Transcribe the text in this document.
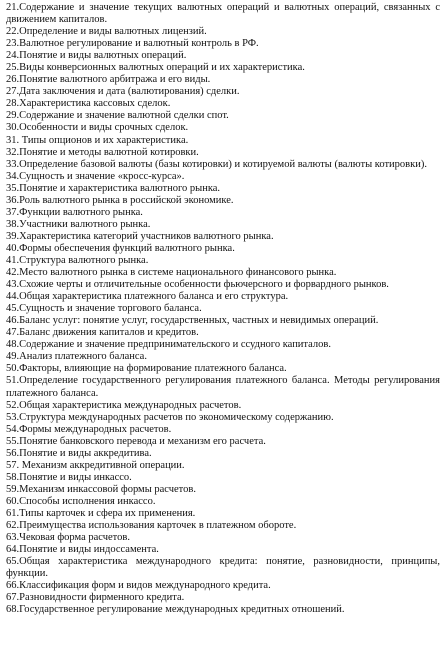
21.Содержание и значение текущих валютных операций и валютных операций, связанных с движением капиталов.

22.Определение и виды валютных лицензий.

23.Валютное регулирование и валютный контроль в РФ.

24.Понятие и виды валютных операций.

25.Виды конверсионных валютных операций и их характеристика.

26.Понятие валютного арбитража и его виды.

27.Дата заключения и дата (валютирования) сделки.

28.Характеристика кассовых сделок.

29.Содержание и значение валютной сделки спот.

30.Особенности и виды срочных сделок.

31. Типы опционов и их характеристика.

32.Понятие и методы валютной котировки.

33.Определение базовой валюты (базы котировки) и котируемой валюты (валюты котировки).

34.Сущность и значение «кросс-курса».

35.Понятие и характеристика валютного рынка.

36.Роль валютного рынка в российской экономике.

37.Функции валютного рынка.

38.Участники валютного рынка.

39.Характеристика категорий участников валютного рынка.

40.Формы обеспечения функций валютного рынка.

41.Структура валютного рынка.

42.Место валютного рынка в системе национального финансового рынка.

43.Схожие черты и отличительные особенности фьючерсного и форвардного рынков.

44.Общая характеристика платежного баланса и его структура.

45.Сущность и значение торгового баланса.

46.Баланс услуг: понятие услуг, государственных, частных и невидимых операций.

47.Баланс движения капиталов и кредитов.

48.Содержание и значение предпринимательского и ссудного капиталов.

49.Анализ платежного баланса.

50.Факторы, влияющие на формирование платежного баланса.

51.Определение государственного регулирования платежного баланса. Методы регулирования платежного баланса.

52.Общая характеристика международных расчетов.

53.Структура международных расчетов по экономическому содержанию.

54.Формы международных расчетов.

55.Понятие банковского перевода и механизм его расчета.

56.Понятие и виды аккредитива.

57. Механизм аккредитивной операции.

58.Понятие и виды инкассо.

59.Механизм инкассовой формы расчетов.

60.Способы исполнения инкассо.

61.Типы карточек и сфера их применения.

62.Преимущества использования карточек в платежном обороте.

63.Чековая форма расчетов.

64.Понятие и виды индоссамента.

65.Общая характеристика международного кредита: понятие, разновидности, принципы, функции.

66.Классификация форм и видов международного кредита.

67.Разновидности фирменного кредита.

68.Государственное регулирование международных кредитных отношений.
